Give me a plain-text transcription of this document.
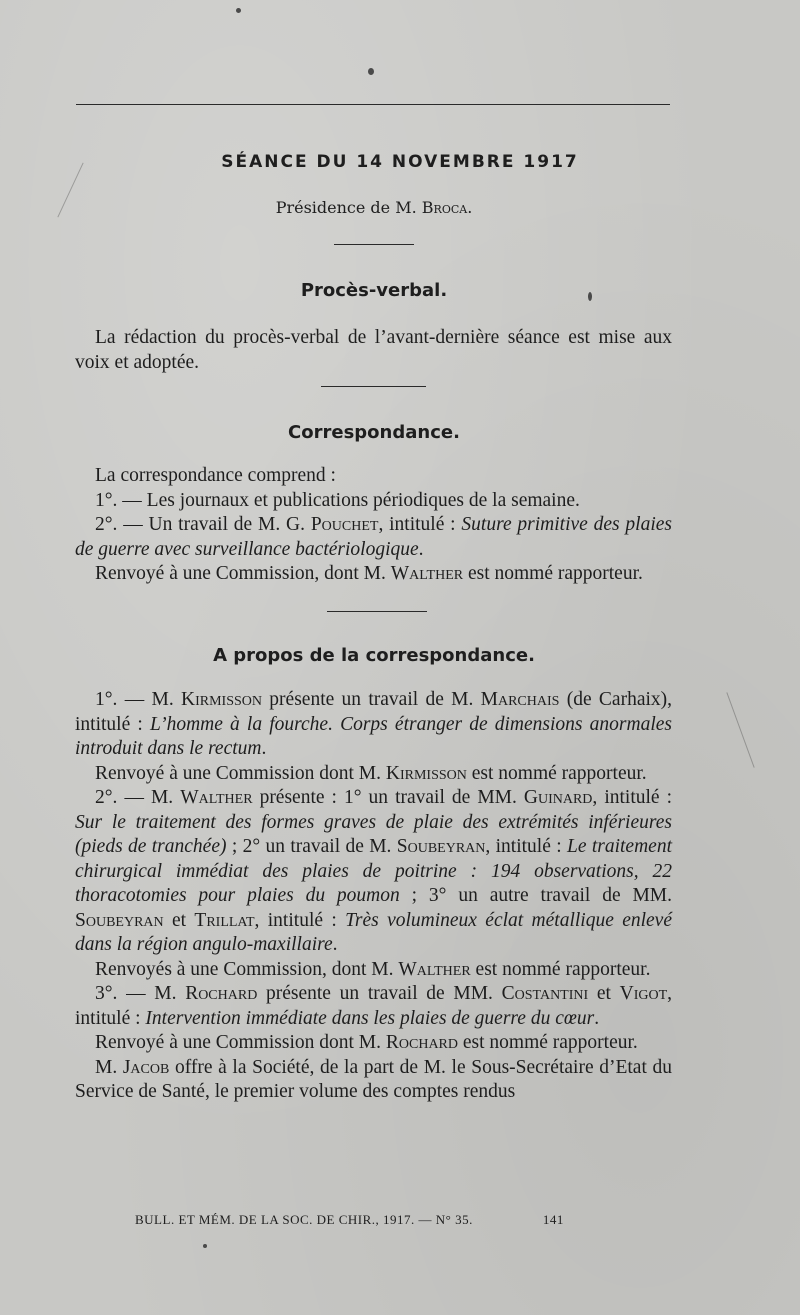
SÉANCE DU 14 NOVEMBRE 1917
Présidence de M. Broca.
Procès-verbal.

La rédaction du procès-verbal de l’avant-dernière séance est mise aux voix et adoptée.

Correspondance.

La correspondance comprend :

1°. — Les journaux et publications périodiques de la semaine.

2°. — Un travail de M. G. Pouchet, intitulé : Suture primitive des plaies de guerre avec surveillance bactériologique.

Renvoyé à une Commission, dont M. Walther est nommé rapporteur.

A propos de la correspondance.

1°. — M. Kirmisson présente un travail de M. Marchais (de Carhaix), intitulé : L’homme à la fourche. Corps étranger de dimensions anormales introduit dans le rectum.

Renvoyé à une Commission dont M. Kirmisson est nommé rapporteur.

2°. — M. Walther présente : 1° un travail de MM. Guinard, intitulé : Sur le traitement des formes graves de plaie des extrémités inférieures (pieds de tranchée) ; 2° un travail de M. Soubeyran, intitulé : Le traitement chirurgical immédiat des plaies de poitrine : 194 observations, 22 thoracotomies pour plaies du poumon ; 3° un autre travail de MM. Soubeyran et Trillat, intitulé : Très volumineux éclat métallique enlevé dans la région angulo-maxillaire.

Renvoyés à une Commission, dont M. Walther est nommé rapporteur.

3°. — M. Rochard présente un travail de MM. Costantini et Vigot, intitulé : Intervention immédiate dans les plaies de guerre du cœur.

Renvoyé à une Commission dont M. Rochard est nommé rapporteur.

M. Jacob offre à la Société, de la part de M. le Sous-Secrétaire d’Etat du Service de Santé, le premier volume des comptes rendus

BULL. ET MÉM. DE LA SOC. DE CHIR., 1917. — N° 35.	141
